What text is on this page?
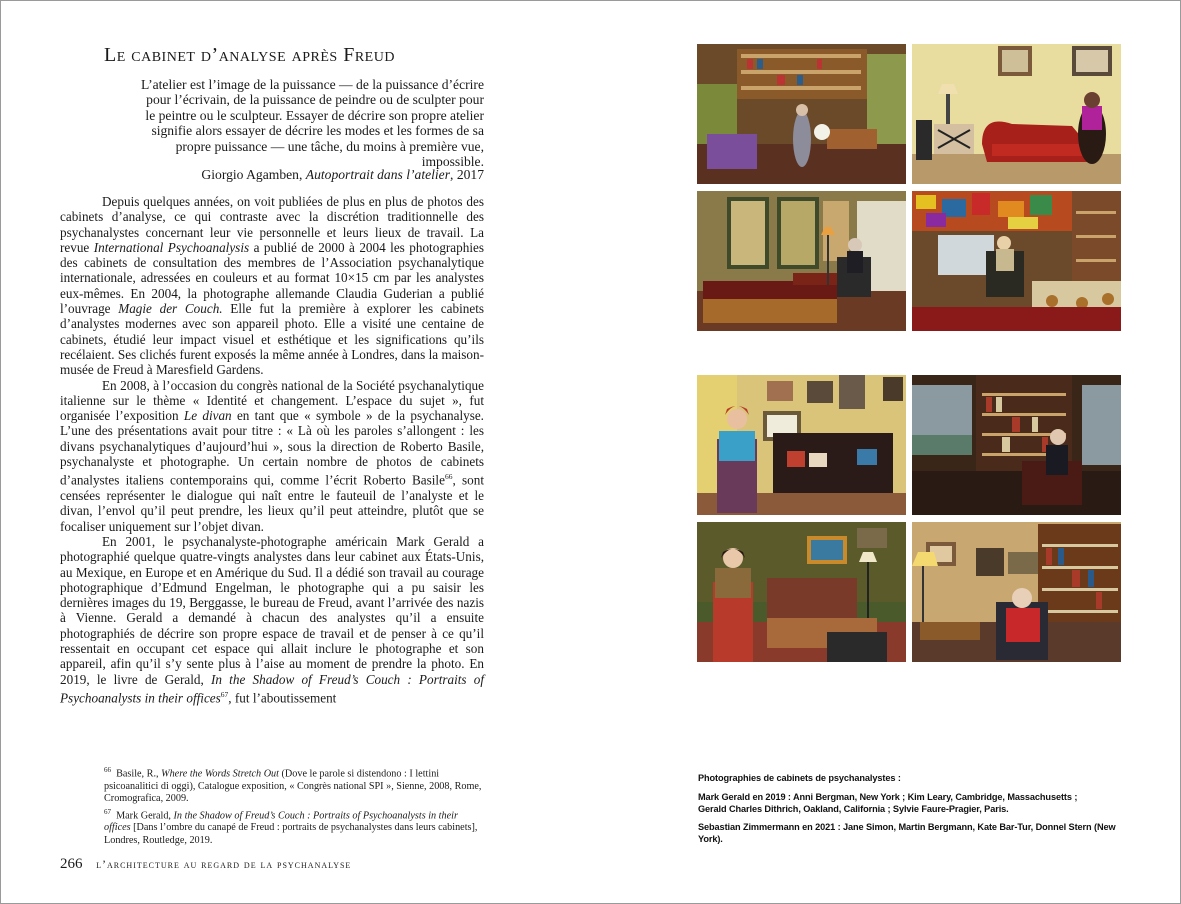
Le cabinet d’analyse après Freud
L’atelier est l’image de la puissance — de la puissance d’écrire pour l’écrivain, de la puissance de peindre ou de sculpter pour le peintre ou le sculpteur. Essayer de décrire son propre atelier signifie alors essayer de décrire les modes et les formes de sa propre puissance — une tâche, du moins à première vue, impossible.
Giorgio Agamben, Autoportrait dans l’atelier, 2017

Depuis quelques années, on voit publiées de plus en plus de photos des cabinets d’analyse, ce qui contraste avec la discrétion traditionnelle des psychanalystes concernant leur vie personnelle et leurs lieux de travail. La revue International Psychoanalysis a publié de 2000 à 2004 les photographies des cabinets de consultation des membres de l’Association psychanalytique internationale, adressées en couleurs et au format 10×15 cm par les analystes eux-mêmes. En 2004, la photographe allemande Claudia Guderian a publié l’ouvrage Magie der Couch. Elle fut la première à explorer les cabinets d’analystes modernes avec son appareil photo. Elle a visité une centaine de cabinets, étudié leur impact visuel et esthétique et les significations qu’ils recélaient. Ses clichés furent exposés la même année à Londres, dans la maison-musée de Freud à Maresfield Gardens.

En 2008, à l’occasion du congrès national de la Société psychanalytique italienne sur le thème « Identité et changement. L’espace du sujet », fut organisée l’exposition Le divan en tant que « symbole » de la psychanalyse. L’une des présentations avait pour titre : « Là où les paroles s’allongent : les divans psychanalytiques d’aujourd’hui », sous la direction de Roberto Basile, psychanalyste et photographe. Un certain nombre de photos de cabinets d’analystes italiens contemporains qui, comme l’écrit Roberto Basile$^{66}$, sont censées représenter le dialogue qui naît entre le fauteuil de l’analyste et le divan, l’envol qu’il peut prendre, les lieux qu’il peut atteindre, plutôt que se focaliser uniquement sur l’objet divan.

En 2001, le psychanalyste-photographe américain Mark Gerald a photographié quelque quatre-vingts analystes dans leur cabinet aux États-Unis, au Mexique, en Europe et en Amérique du Sud. Il a dédié son travail au courage photographique d’Edmund Engelman, le photographe qui a pu saisir les dernières images du 19, Berggasse, le bureau de Freud, avant l’arrivée des nazis à Vienne. Gerald a demandé à chacun des analystes qu’il a ensuite photographiés de décrire son propre espace de travail et de penser à ce qu’il ressentait en occupant cet espace qui allait inclure le photographe et son appareil, afin qu’il s’y sente plus à l’aise au moment de prendre la photo. En 2019, le livre de Gerald, In the Shadow of Freud’s Couch : Portraits of Psychoanalysts in their offices$^{67}$, fut l’aboutissement

$^{66}$ Basile, R., Where the Words Stretch Out (Dove le parole si distendono : I lettini psicoanalitici di oggi), Catalogue exposition, « Congrès national SPI », Sienne, 2008, Rome, Cromografica, 2009.

$^{67}$ Mark Gerald, In the Shadow of Freud’s Couch : Portraits of Psychoanalysts in their offices [Dans l’ombre du canapé de Freud : portraits de psychanalystes dans leurs cabinets], Londres, Routledge, 2019.

266 l’architecture au regard de la psychanalyse
Photographies de cabinets de psychanalystes :
Mark Gerald en 2019 : Anni Bergman, New York ; Kim Leary, Cambridge, Massachusetts ; Gerald Charles Dithrich, Oakland, California ; Sylvie Faure-Pragier, Paris.
Sebastian Zimmermann en 2021 : Jane Simon, Martin Bergmann, Kate Bar-Tur, Donnel Stern (New York).
